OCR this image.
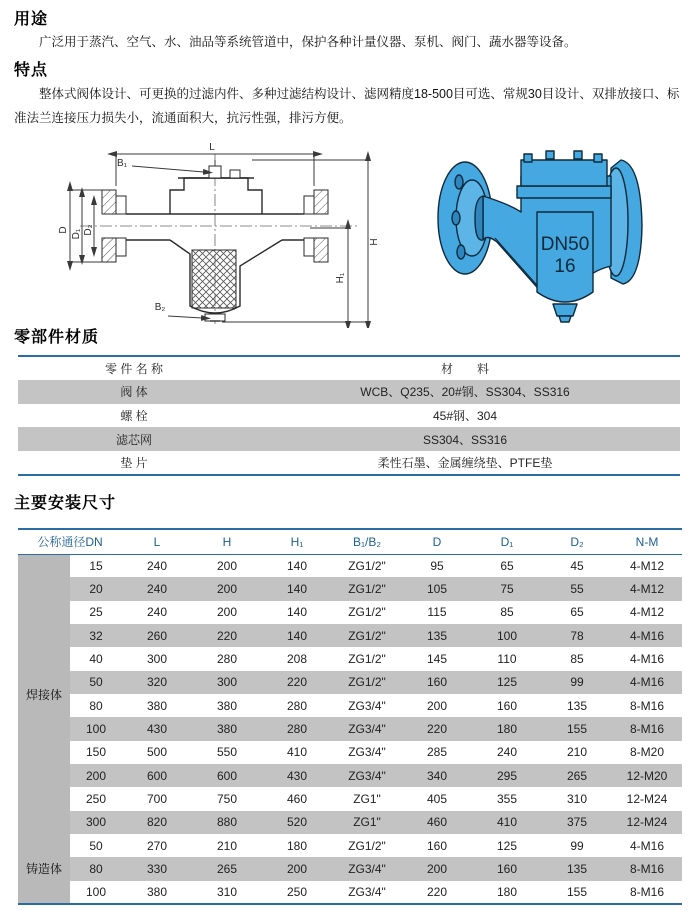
用途

广泛用于蒸汽、空气、水、油品等系统管道中，保护各种计量仪器、泵机、阀门、蔬水器等设备。

特点

整体式阀体设计、可更换的过滤内件、多种过滤结构设计、滤网精度18-500目可选、常规30目设计、双排放接口、标准法兰连接压力损失小，流通面积大，抗污性强，排污方便。

L
B₁
B₂
D D₁ D₂
H
H₁
DN50
16
零部件材质
零 件 名 称	材　　料
阀 体	WCB、Q235、20#钢、SS304、SS316
螺 栓	45#钢、304
滤芯网	SS304、SS316
垫 片	柔性石墨、金属缠绕垫、PTFE垫
主要安装尺寸
公称通径DN		L	H	H₁	B₁/B₂	D	D₁	D₂	N-M
焊接体	15	240	200	140	ZG1/2"	95	65	45	4-M12
	20	240	200	140	ZG1/2"	105	75	55	4-M12
	25	240	200	140	ZG1/2"	115	85	65	4-M12
	32	260	220	140	ZG1/2"	135	100	78	4-M16
	40	300	280	208	ZG1/2"	145	110	85	4-M16
	50	320	300	220	ZG1/2"	160	125	99	4-M16
	80	380	380	280	ZG3/4"	200	160	135	8-M16
	100	430	380	280	ZG3/4"	220	180	155	8-M16
	150	500	550	410	ZG3/4"	285	240	210	8-M20
	200	600	600	430	ZG3/4"	340	295	265	12-M20
	250	700	750	460	ZG1"	405	355	310	12-M24
	300	820	880	520	ZG1"	460	410	375	12-M24
铸造体	50	270	210	180	ZG1/2"	160	125	99	4-M16
	80	330	265	200	ZG3/4"	200	160	135	8-M16
	100	380	310	250	ZG3/4"	220	180	155	8-M16
